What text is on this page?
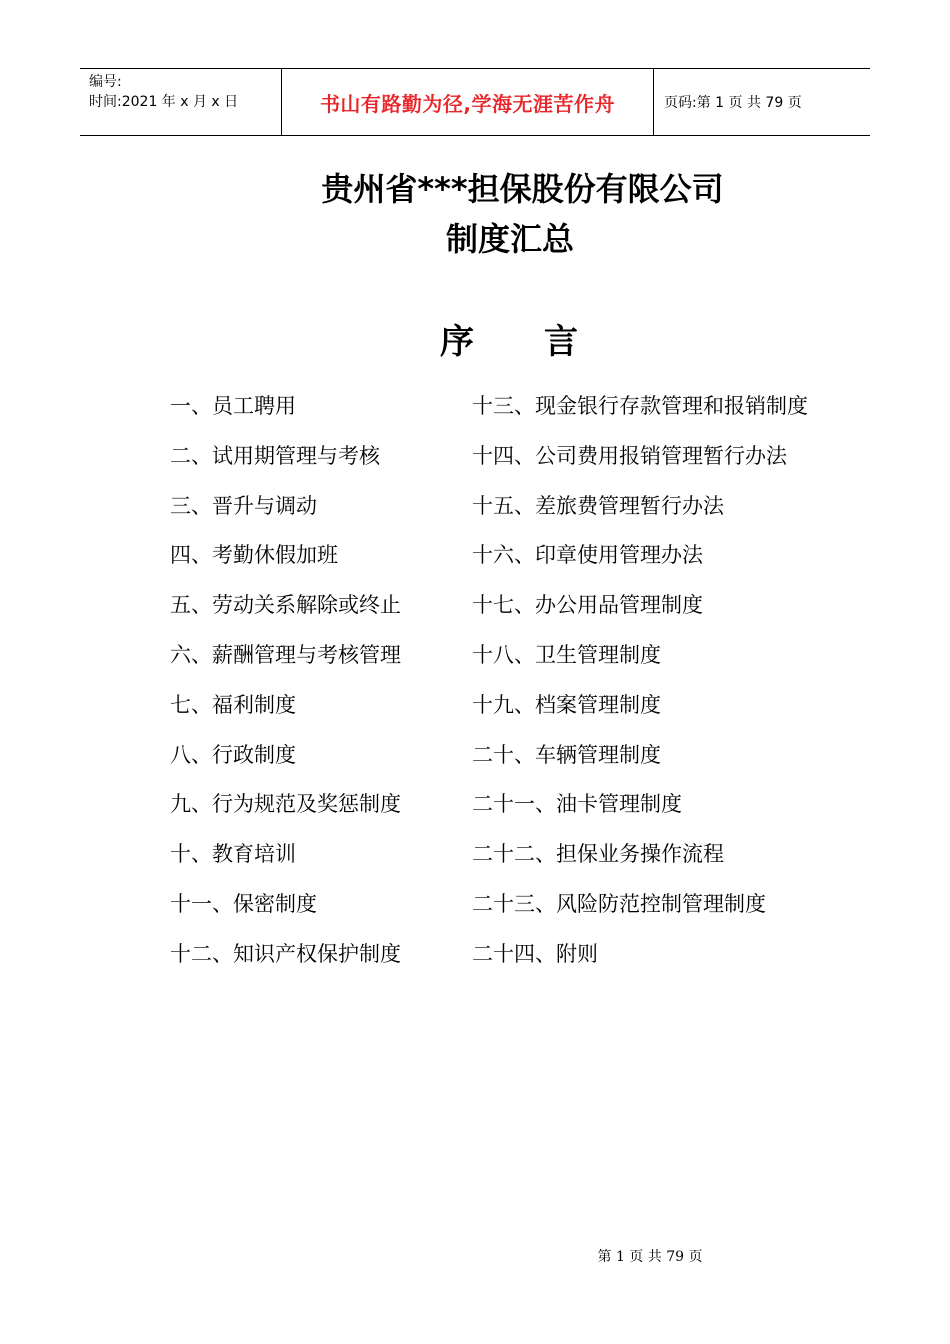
编号:
时间:2021 年 x 月 x 日	书山有路勤为径,学海无涯苦作舟	页码:第 1 页 共 79 页
贵州省***担保股份有限公司
制度汇总
序言
一、员工聘用	十三、现金银行存款管理和报销制度
二、试用期管理与考核	十四、公司费用报销管理暂行办法
三、晋升与调动	十五、差旅费管理暂行办法
四、考勤休假加班	十六、印章使用管理办法
五、劳动关系解除或终止	十七、办公用品管理制度
六、薪酬管理与考核管理	十八、卫生管理制度
七、福利制度	十九、档案管理制度
八、行政制度	二十、车辆管理制度
九、行为规范及奖惩制度	二十一、油卡管理制度
十、教育培训	二十二、担保业务操作流程
十一、保密制度	二十三、风险防范控制管理制度
十二、知识产权保护制度	二十四、附则
第 1 页 共 79 页
